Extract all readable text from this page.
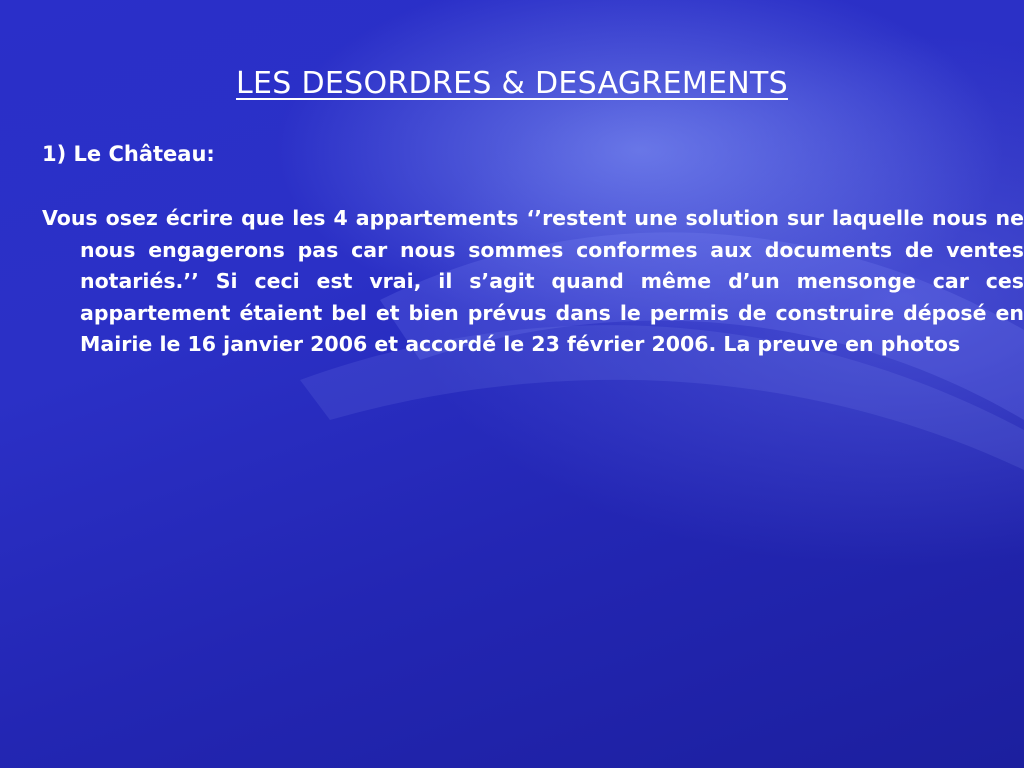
LES DESORDRES & DESAGREMENTS
1) Le Château:
Vous osez écrire que les 4 appartements ‘’restent une solution sur laquelle nous ne nous engagerons pas car nous sommes conformes aux documents de ventes notariés.’’ Si ceci est vrai, il s’agit quand même d’un mensonge car ces appartement étaient bel et bien prévus dans le permis de construire déposé en Mairie le 16 janvier 2006 et accordé le 23 février 2006. La preuve en photos
